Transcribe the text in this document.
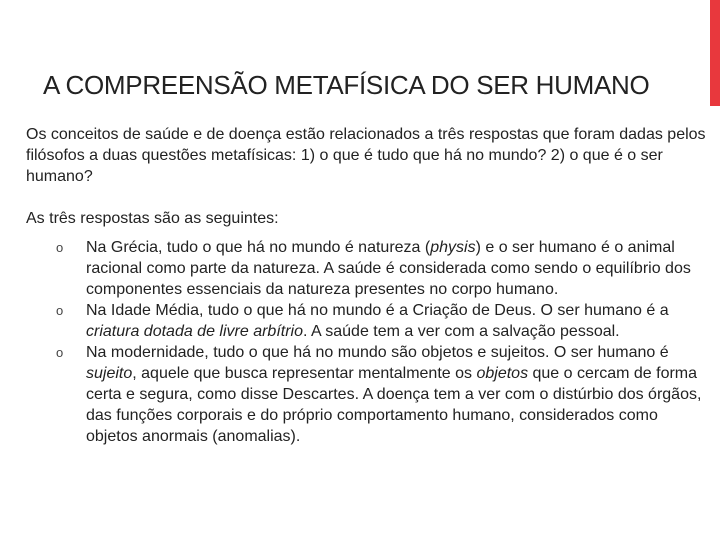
A COMPREENSÃO METAFÍSICA DO SER HUMANO

Os conceitos de saúde e de doença estão relacionados a três respostas que foram dadas pelos filósofos a duas questões metafísicas: 1) o que é tudo que há no mundo? 2) o que é o ser humano?

As três respostas são as seguintes:

o Na Grécia, tudo o que há no mundo é natureza (physis) e o ser humano é o animal racional como parte da natureza. A saúde é considerada como sendo o equilíbrio dos componentes essenciais da natureza presentes no corpo humano.
o Na Idade Média, tudo o que há no mundo é a Criação de Deus. O ser humano é a criatura dotada de livre arbítrio. A saúde tem a ver com a salvação pessoal.
o Na modernidade, tudo o que há no mundo são objetos e sujeitos. O ser humano é sujeito, aquele que busca representar mentalmente os objetos que o cercam de forma certa e segura, como disse Descartes. A doença tem a ver com o distúrbio dos órgãos, das funções corporais e do próprio comportamento humano, considerados como objetos anormais (anomalias).
